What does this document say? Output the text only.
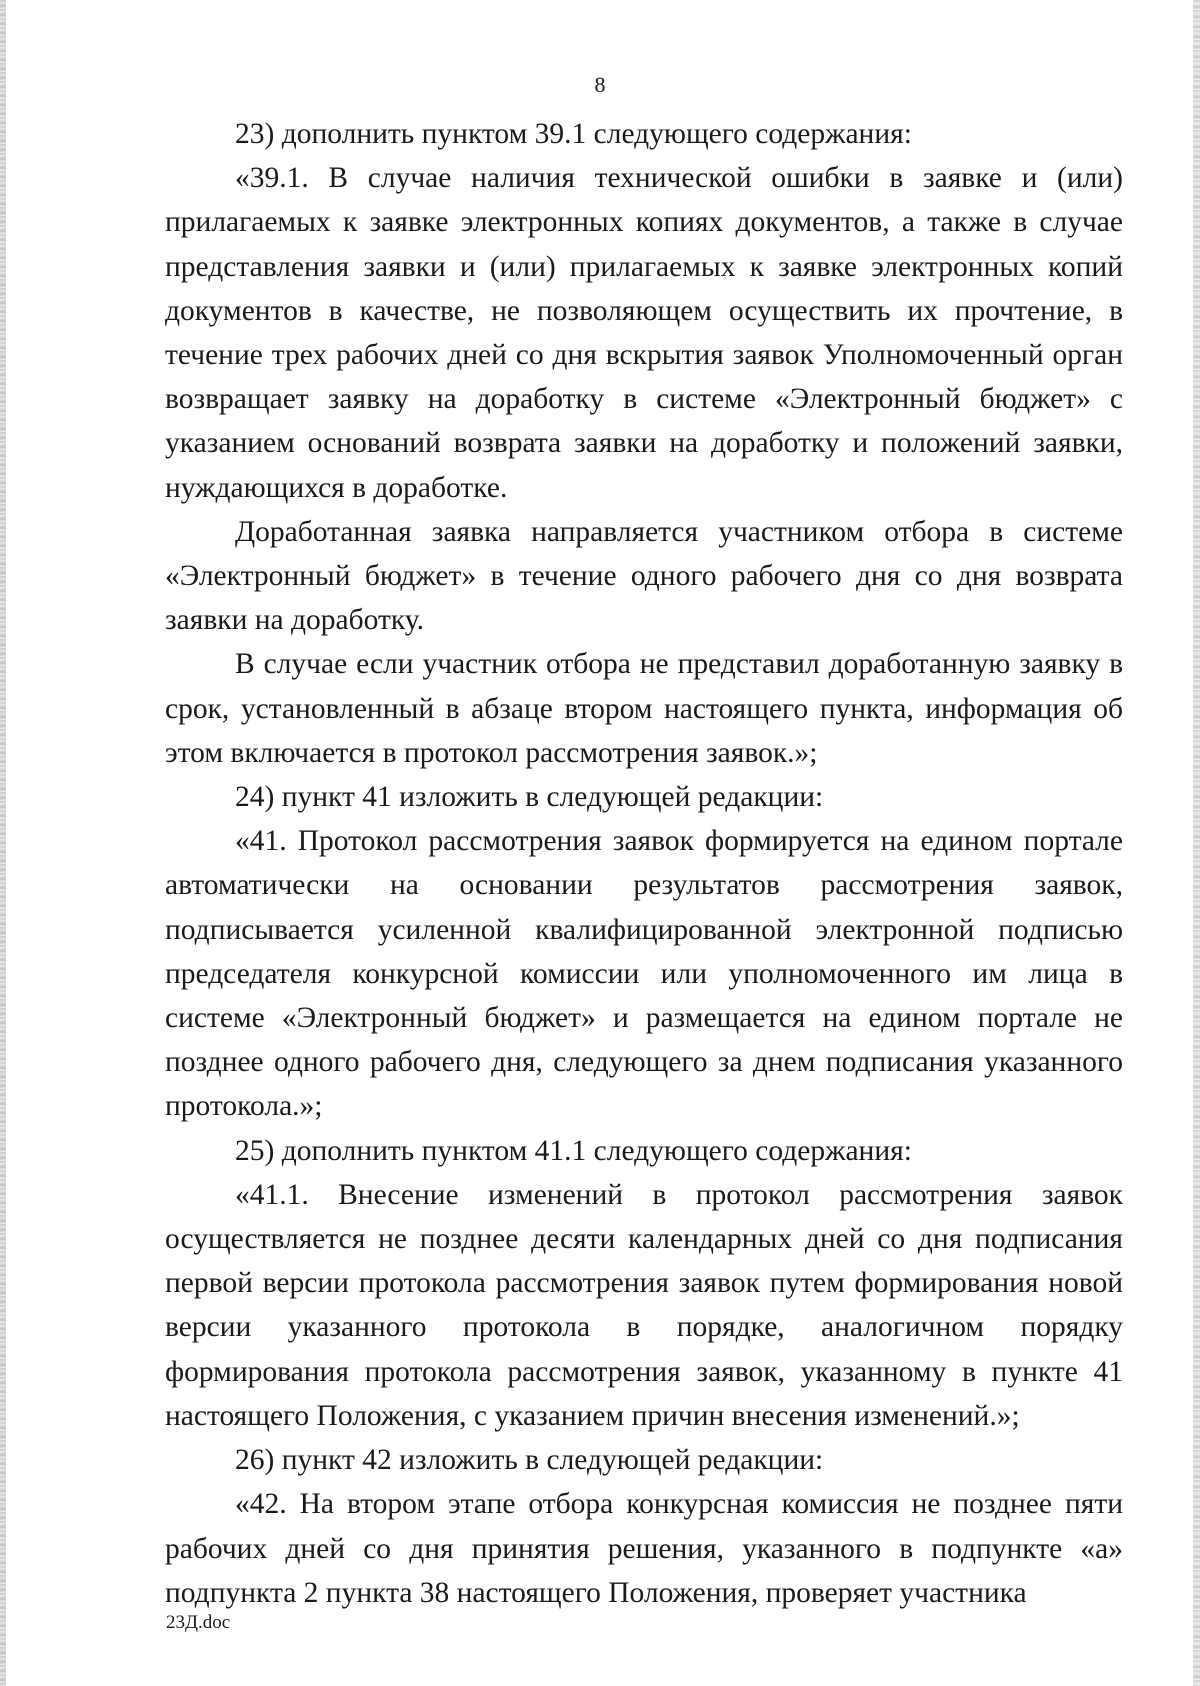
8

23) дополнить пунктом 39.1 следующего содержания:

«39.1. В случае наличия технической ошибки в заявке и (или) прилагаемых к заявке электронных копиях документов, а также в случае представления заявки и (или) прилагаемых к заявке электронных копий документов в качестве, не позволяющем осуществить их прочтение, в течение трех рабочих дней со дня вскрытия заявок Уполномоченный орган возвращает заявку на доработку в системе «Электронный бюджет» с указанием оснований возврата заявки на доработку и положений заявки, нуждающихся в доработке.

Доработанная заявка направляется участником отбора в системе «Электронный бюджет» в течение одного рабочего дня со дня возврата заявки на доработку.

В случае если участник отбора не представил доработанную заявку в срок, установленный в абзаце втором настоящего пункта, информация об этом включается в протокол рассмотрения заявок.»;

24) пункт 41 изложить в следующей редакции:

«41. Протокол рассмотрения заявок формируется на едином портале автоматически на основании результатов рассмотрения заявок, подписывается усиленной квалифицированной электронной подписью председателя конкурсной комиссии или уполномоченного им лица в системе «Электронный бюджет» и размещается на едином портале не позднее одного рабочего дня, следующего за днем подписания указанного протокола.»;

25) дополнить пунктом 41.1 следующего содержания:

«41.1. Внесение изменений в протокол рассмотрения заявок осуществляется не позднее десяти календарных дней со дня подписания первой версии протокола рассмотрения заявок путем формирования новой версии указанного протокола в порядке, аналогичном порядку формирования протокола рассмотрения заявок, указанному в пункте 41 настоящего Положения, с указанием причин внесения изменений.»;

26) пункт 42 изложить в следующей редакции:

«42. На втором этапе отбора конкурсная комиссия не позднее пяти рабочих дней со дня принятия решения, указанного в подпункте «а» подпункта 2 пункта 38 настоящего Положения, проверяет участника

23Д.doc
